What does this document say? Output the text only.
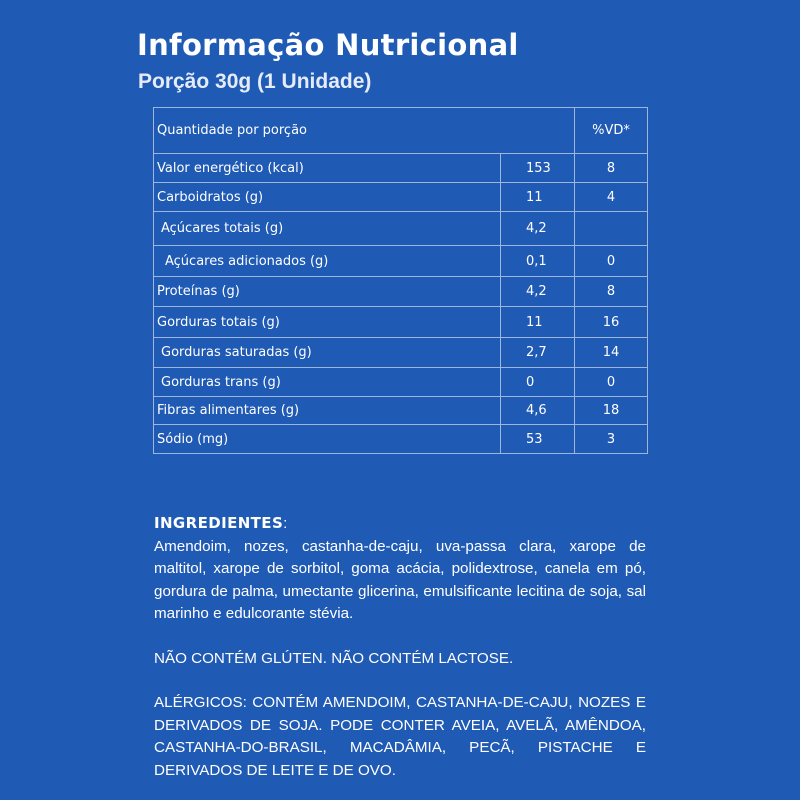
Informação Nutricional
Porção 30g (1 Unidade)
Quantidade por porção		%VD*
Valor energético (kcal)	153	8
Carboidratos (g)	11	4
Açúcares totais (g)	4,2	
Açúcares adicionados (g)	0,1	0
Proteínas (g)	4,2	8
Gorduras totais (g)	11	16
Gorduras saturadas (g)	2,7	14
Gorduras trans (g)	0	0
Fibras alimentares (g)	4,6	18
Sódio (mg)	53	3
INGREDIENTES:

Amendoim, nozes, castanha-de-caju, uva-passa clara, xarope de maltitol, xarope de sorbitol, goma acácia, polidextrose, canela em pó, gordura de palma, umectante glicerina, emulsificante lecitina de soja, sal marinho e edulcorante stévia.

NÃO CONTÉM GLÚTEN. NÃO CONTÉM LACTOSE.

ALÉRGICOS: CONTÉM AMENDOIM, CASTANHA-DE-CAJU, NOZES E DERIVADOS DE SOJA. PODE CONTER AVEIA, AVELÃ, AMÊNDOA, CASTANHA-DO-BRASIL, MACADÂMIA, PECÃ, PISTACHE E DERIVADOS DE LEITE E DE OVO.
